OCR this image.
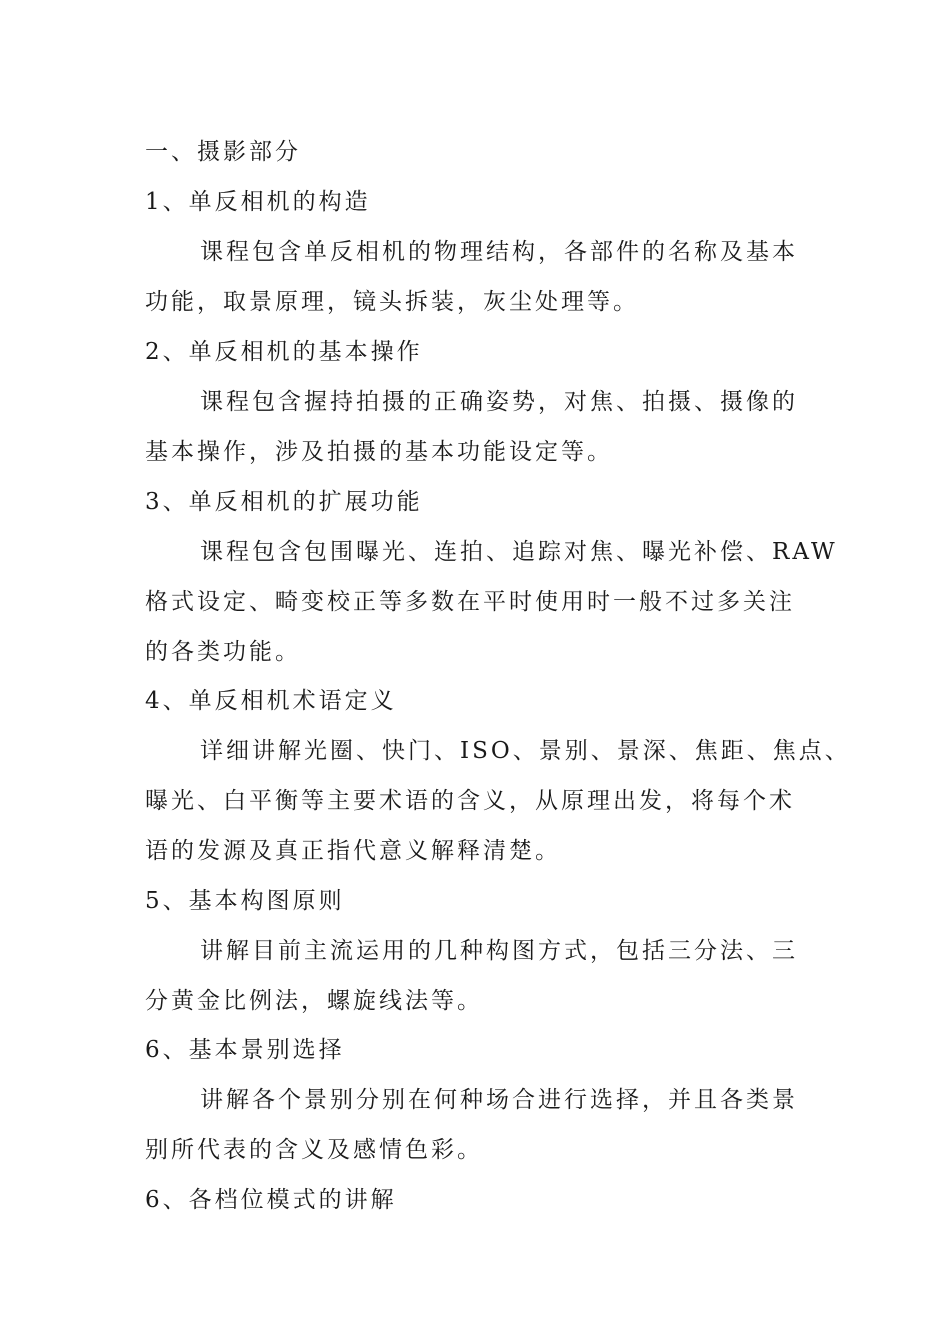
一、摄影部分
1、单反相机的构造
课程包含单反相机的物理结构，各部件的名称及基本
功能，取景原理，镜头拆装，灰尘处理等。
2、单反相机的基本操作
课程包含握持拍摄的正确姿势，对焦、拍摄、摄像的
基本操作，涉及拍摄的基本功能设定等。
3、单反相机的扩展功能
课程包含包围曝光、连拍、追踪对焦、曝光补偿、RAW
格式设定、畸变校正等多数在平时使用时一般不过多关注
的各类功能。
4、单反相机术语定义
详细讲解光圈、快门、ISO、景别、景深、焦距、焦点、
曝光、白平衡等主要术语的含义，从原理出发，将每个术
语的发源及真正指代意义解释清楚。
5、基本构图原则
讲解目前主流运用的几种构图方式，包括三分法、三
分黄金比例法，螺旋线法等。
6、基本景别选择
讲解各个景别分别在何种场合进行选择，并且各类景
别所代表的含义及感情色彩。
6、各档位模式的讲解
